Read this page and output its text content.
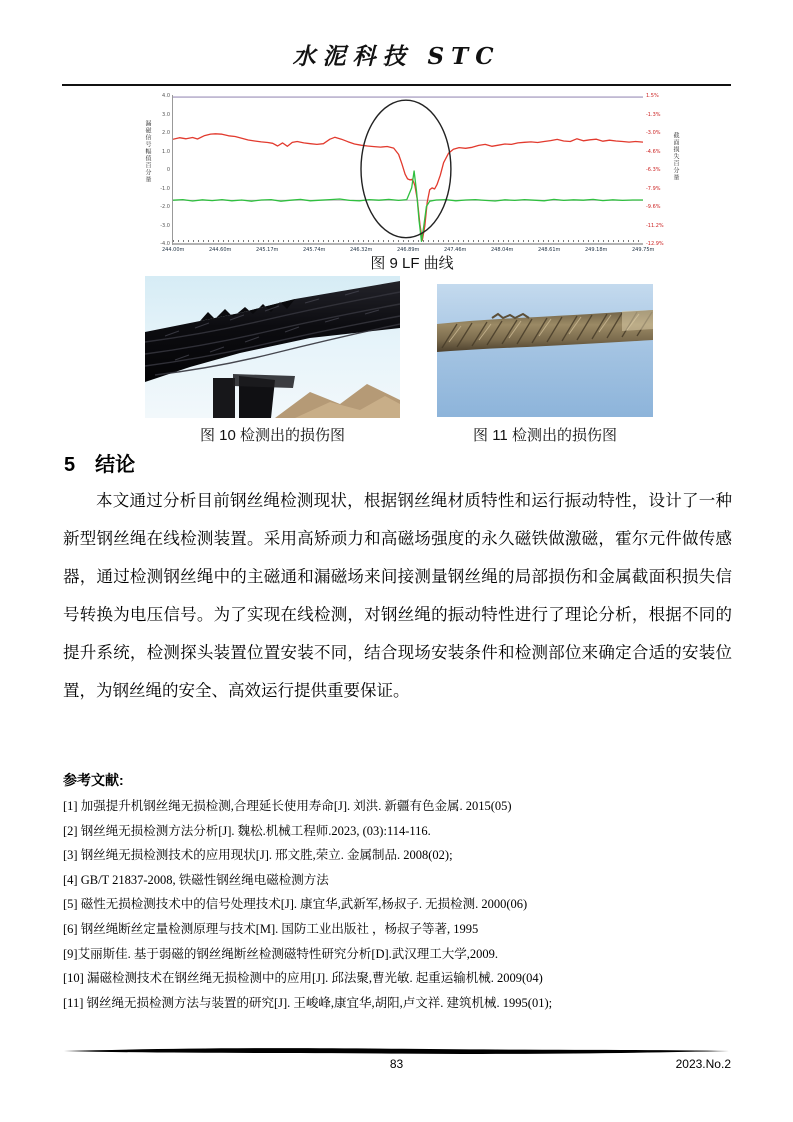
水泥科技 STC
漏磁信号幅值百分量
4.0
3.0
2.0
1.0
0
-1.0
-2.0
-3.0
-4.0
244.00m	244.60m	245.17m	245.74m	246.32m	246.89m	247.46m	248.04m	248.61m	249.18m	249.75m
1.5%
-1.3%
-3.0%
-4.6%
-6.3%
-7.9%
-9.6%
-11.2%
-12.9%
截面损失百分量
图 9 LF 曲线
图 10 检测出的损伤图	图 11 检测出的损伤图
5 结论
本文通过分析目前钢丝绳检测现状，根据钢丝绳材质特性和运行振动特性，设计了一种新型钢丝绳在线检测装置。采用高矫顽力和高磁场强度的永久磁铁做激磁，霍尔元件做传感器，通过检测钢丝绳中的主磁通和漏磁场来间接测量钢丝绳的局部损伤和金属截面积损失信号转换为电压信号。为了实现在线检测，对钢丝绳的振动特性进行了理论分析，根据不同的提升系统，检测探头装置位置安装不同，结合现场安装条件和检测部位来确定合适的安装位置，为钢丝绳的安全、高效运行提供重要保证。
参考文献:
[1] 加强提升机钢丝绳无损检测,合理延长使用寿命[J]. 刘洪. 新疆有色金属. 2015(05)
[2] 钢丝绳无损检测方法分析[J]. 魏松.机械工程师.2023, (03):114-116.
[3] 钢丝绳无损检测技术的应用现状[J]. 邢文胜,荣立. 金属制品. 2008(02);
[4] GB/T 21837-2008, 铁磁性钢丝绳电磁检测方法
[5] 磁性无损检测技术中的信号处理技术[J]. 康宜华,武新军,杨叔子. 无损检测. 2000(06)
[6] 钢丝绳断丝定量检测原理与技术[M]. 国防工业出版社 ，杨叔子等著, 1995
[9]艾丽斯佳. 基于弱磁的钢丝绳断丝检测磁特性研究分析[D].武汉理工大学,2009.
[10] 漏磁检测技术在钢丝绳无损检测中的应用[J]. 邱法聚,曹光敏. 起重运输机械. 2009(04)
[11] 钢丝绳无损检测方法与装置的研究[J]. 王峻峰,康宜华,胡阳,卢文祥. 建筑机械. 1995(01);
83	2023.No.2
